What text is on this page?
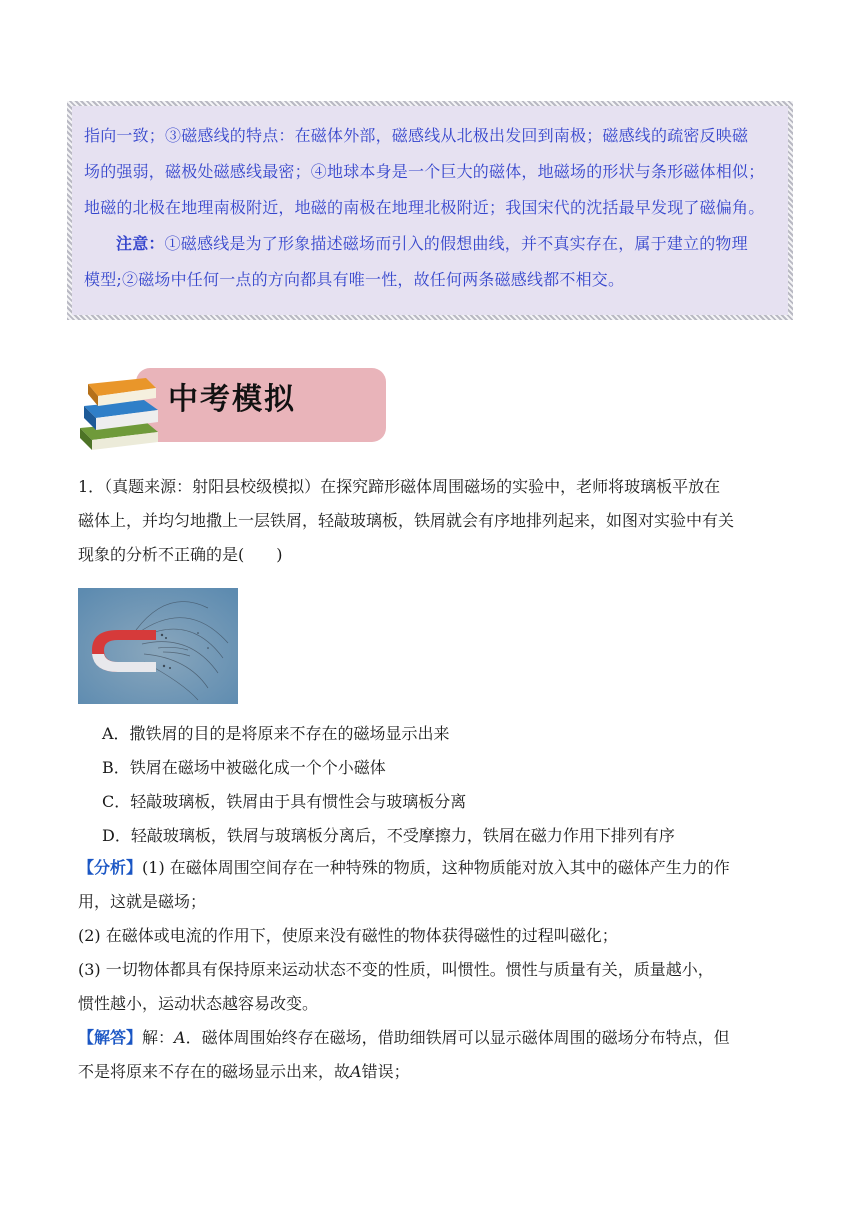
指向一致；③磁感线的特点：在磁体外部，磁感线从北极出发回到南极；磁感线的疏密反映磁

场的强弱，磁极处磁感线最密；④地球本身是一个巨大的磁体，地磁场的形状与条形磁体相似；

地磁的北极在地理南极附近，地磁的南极在地理北极附近；我国宋代的沈括最早发现了磁偏角。

注意：①磁感线是为了形象描述磁场而引入的假想曲线，并不真实存在，属于建立的物理

模型;②磁场中任何一点的方向都具有唯一性，故任何两条磁感线都不相交。

中考模拟

1．（真题来源：射阳县校级模拟）在探究蹄形磁体周围磁场的实验中，老师将玻璃板平放在

磁体上，并均匀地撒上一层铁屑，轻敲玻璃板，铁屑就会有序地排列起来，如图对实验中有关

现象的分析不正确的是(　　)

A．撒铁屑的目的是将原来不存在的磁场显示出来
B．铁屑在磁场中被磁化成一个个小磁体
C．轻敲玻璃板，铁屑由于具有惯性会与玻璃板分离
D．轻敲玻璃板，铁屑与玻璃板分离后，不受摩擦力，铁屑在磁力作用下排列有序

【分析】(1) 在磁体周围空间存在一种特殊的物质，这种物质能对放入其中的磁体产生力的作

用，这就是磁场；

(2) 在磁体或电流的作用下，使原来没有磁性的物体获得磁性的过程叫磁化；

(3) 一切物体都具有保持原来运动状态不变的性质，叫惯性。惯性与质量有关，质量越小，

惯性越小，运动状态越容易改变。

【解答】解：A．磁体周围始终存在磁场，借助细铁屑可以显示磁体周围的磁场分布特点，但

不是将原来不存在的磁场显示出来，故A错误；
